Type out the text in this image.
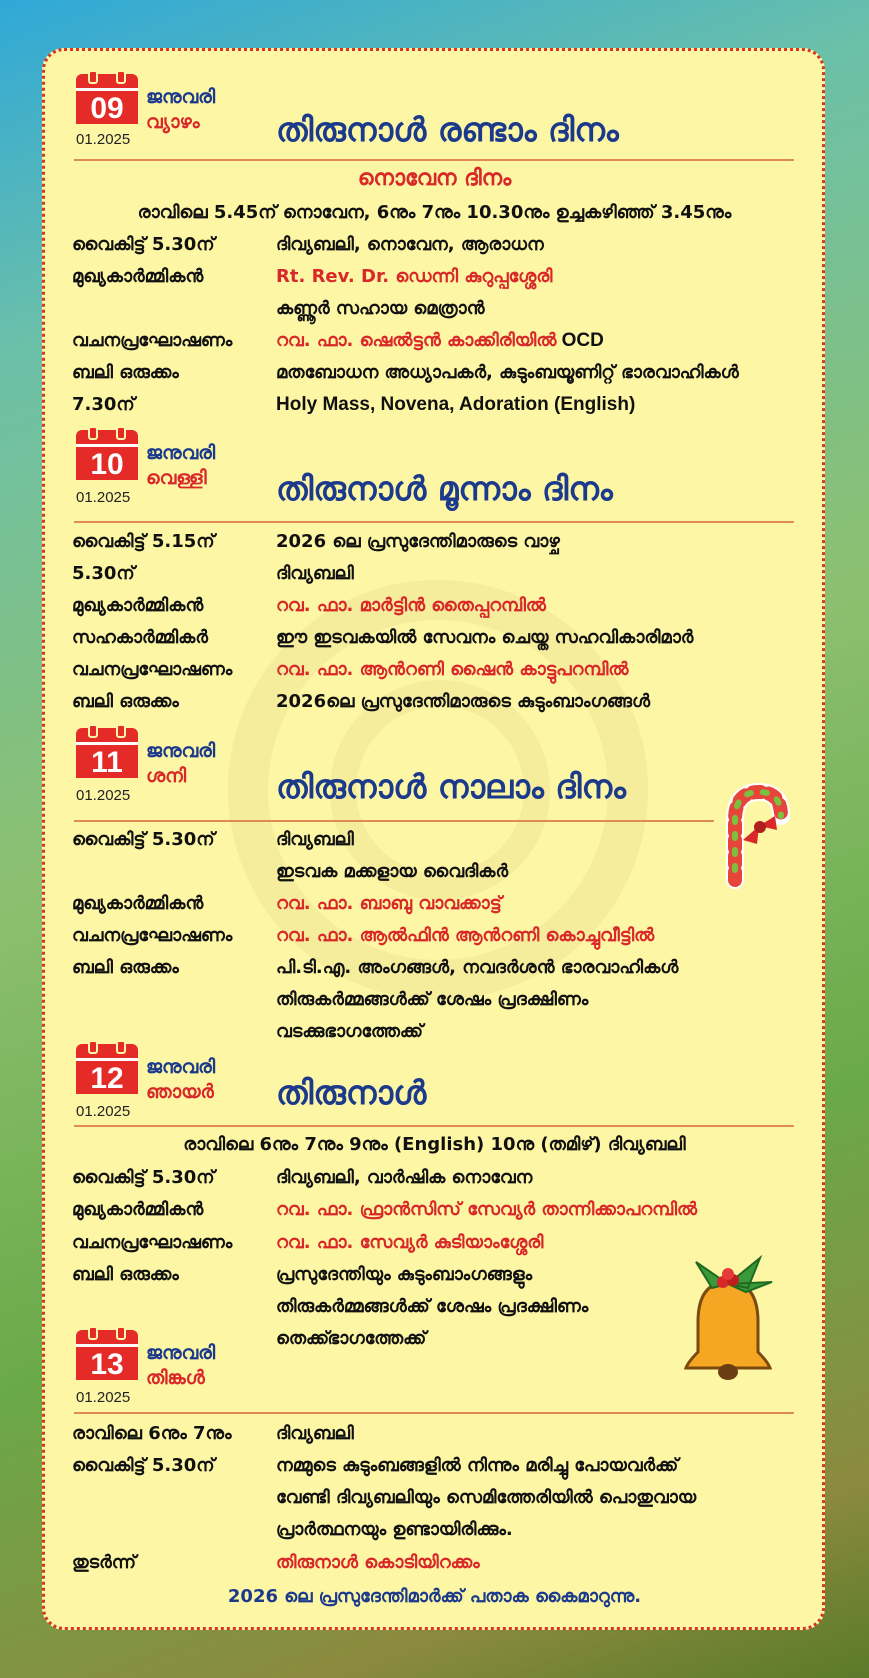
09
01.2025
ജനുവരി
വ്യാഴം തിരുനാൾ രണ്ടാം ദിനം
നൊവേന ദിനം
രാവിലെ 5.45ന് നൊവേന, 6നും 7നും 10.30നും ഉച്ചകഴിഞ്ഞ് 3.45നും
വൈകിട്ട് 5.30ന്	ദിവ്യബലി, നൊവേന, ആരാധന
മുഖ്യകാർമ്മികൻ	Rt. Rev. Dr. ഡെന്നി കുറുപ്പശ്ശേരി
കണ്ണൂർ സഹായ മെത്രാൻ
വചനപ്രഘോഷണം റവ. ഫാ. ഷെൽട്ടൻ കാക്കിരിയിൽ OCD
ബലി ഒരുക്കം	മതബോധന അധ്യാപകർ, കുടുംബയൂണിറ്റ് ഭാരവാഹികൾ
7.30ന്	Holy Mass, Novena, Adoration (English)
10
01.2025
ജനുവരി
വെള്ളി തിരുനാൾ മൂന്നാം ദിനം
വൈകിട്ട് 5.15ന്	2026 ലെ പ്രസുദേന്തിമാരുടെ വാഴ്ച
5.30ന്	ദിവ്യബലി
മുഖ്യകാർമ്മികൻ	റവ. ഫാ. മാർട്ടിൻ തൈപ്പറമ്പിൽ
സഹകാർമ്മികർ	ഈ ഇടവകയിൽ സേവനം ചെയ്ത സഹവികാരിമാർ
വചനപ്രഘോഷണം റവ. ഫാ. ആൻറണി ഷൈൻ കാട്ടുപറമ്പിൽ
ബലി ഒരുക്കം	2026ലെ പ്രസുദേന്തിമാരുടെ കുടുംബാംഗങ്ങൾ
11
01.2025
ജനുവരി
ശനി	തിരുനാൾ നാലാം ദിനം
വൈകിട്ട് 5.30ന്	ദിവ്യബലി
ഇടവക മക്കളായ വൈദികർ
മുഖ്യകാർമ്മികൻ	റവ. ഫാ. ബാബു വാവക്കാട്ട്
വചനപ്രഘോഷണം റവ. ഫാ. ആൽഫിൻ ആൻറണി കൊച്ചുവീട്ടിൽ
ബലി ഒരുക്കം	പി.ടി.എ. അംഗങ്ങൾ, നവദർശൻ ഭാരവാഹികൾ
തിരുകർമ്മങ്ങൾക്ക് ശേഷം പ്രദക്ഷിണം
വടക്കുഭാഗത്തേക്ക്
12
01.2025
ജനുവരി
ഞായർ തിരുനാൾ
രാവിലെ 6നും 7നും 9നും (English) 10നു (തമിഴ്) ദിവ്യബലി
വൈകിട്ട് 5.30ന്	ദിവ്യബലി, വാർഷിക നൊവേന
മുഖ്യകാർമ്മികൻ	റവ. ഫാ. ഫ്രാൻസിസ് സേവ്യർ താന്നിക്കാപറമ്പിൽ
വചനപ്രഘോഷണം റവ. ഫാ. സേവ്യർ കുടിയാംശ്ശേരി
ബലി ഒരുക്കം	പ്രസുദേന്തിയും കുടുംബാംഗങ്ങളും
തിരുകർമ്മങ്ങൾക്ക് ശേഷം പ്രദക്ഷിണം
തെക്ക്ഭാഗത്തേക്ക്
13
01.2025
ജനുവരി
തിങ്കൾ
രാവിലെ 6നും 7നും ദിവ്യബലി
വൈകിട്ട് 5.30ന്	നമ്മുടെ കുടുംബങ്ങളിൽ നിന്നും മരിച്ചു പോയവർക്ക്
വേണ്ടി ദിവ്യബലിയും സെമിത്തേരിയിൽ പൊതുവായ
പ്രാർത്ഥനയും ഉണ്ടായിരിക്കും.
തുടർന്ന്	തിരുനാൾ കൊടിയിറക്കം
2026 ലെ പ്രസുദേന്തിമാർക്ക് പതാക കൈമാറുന്നു.
